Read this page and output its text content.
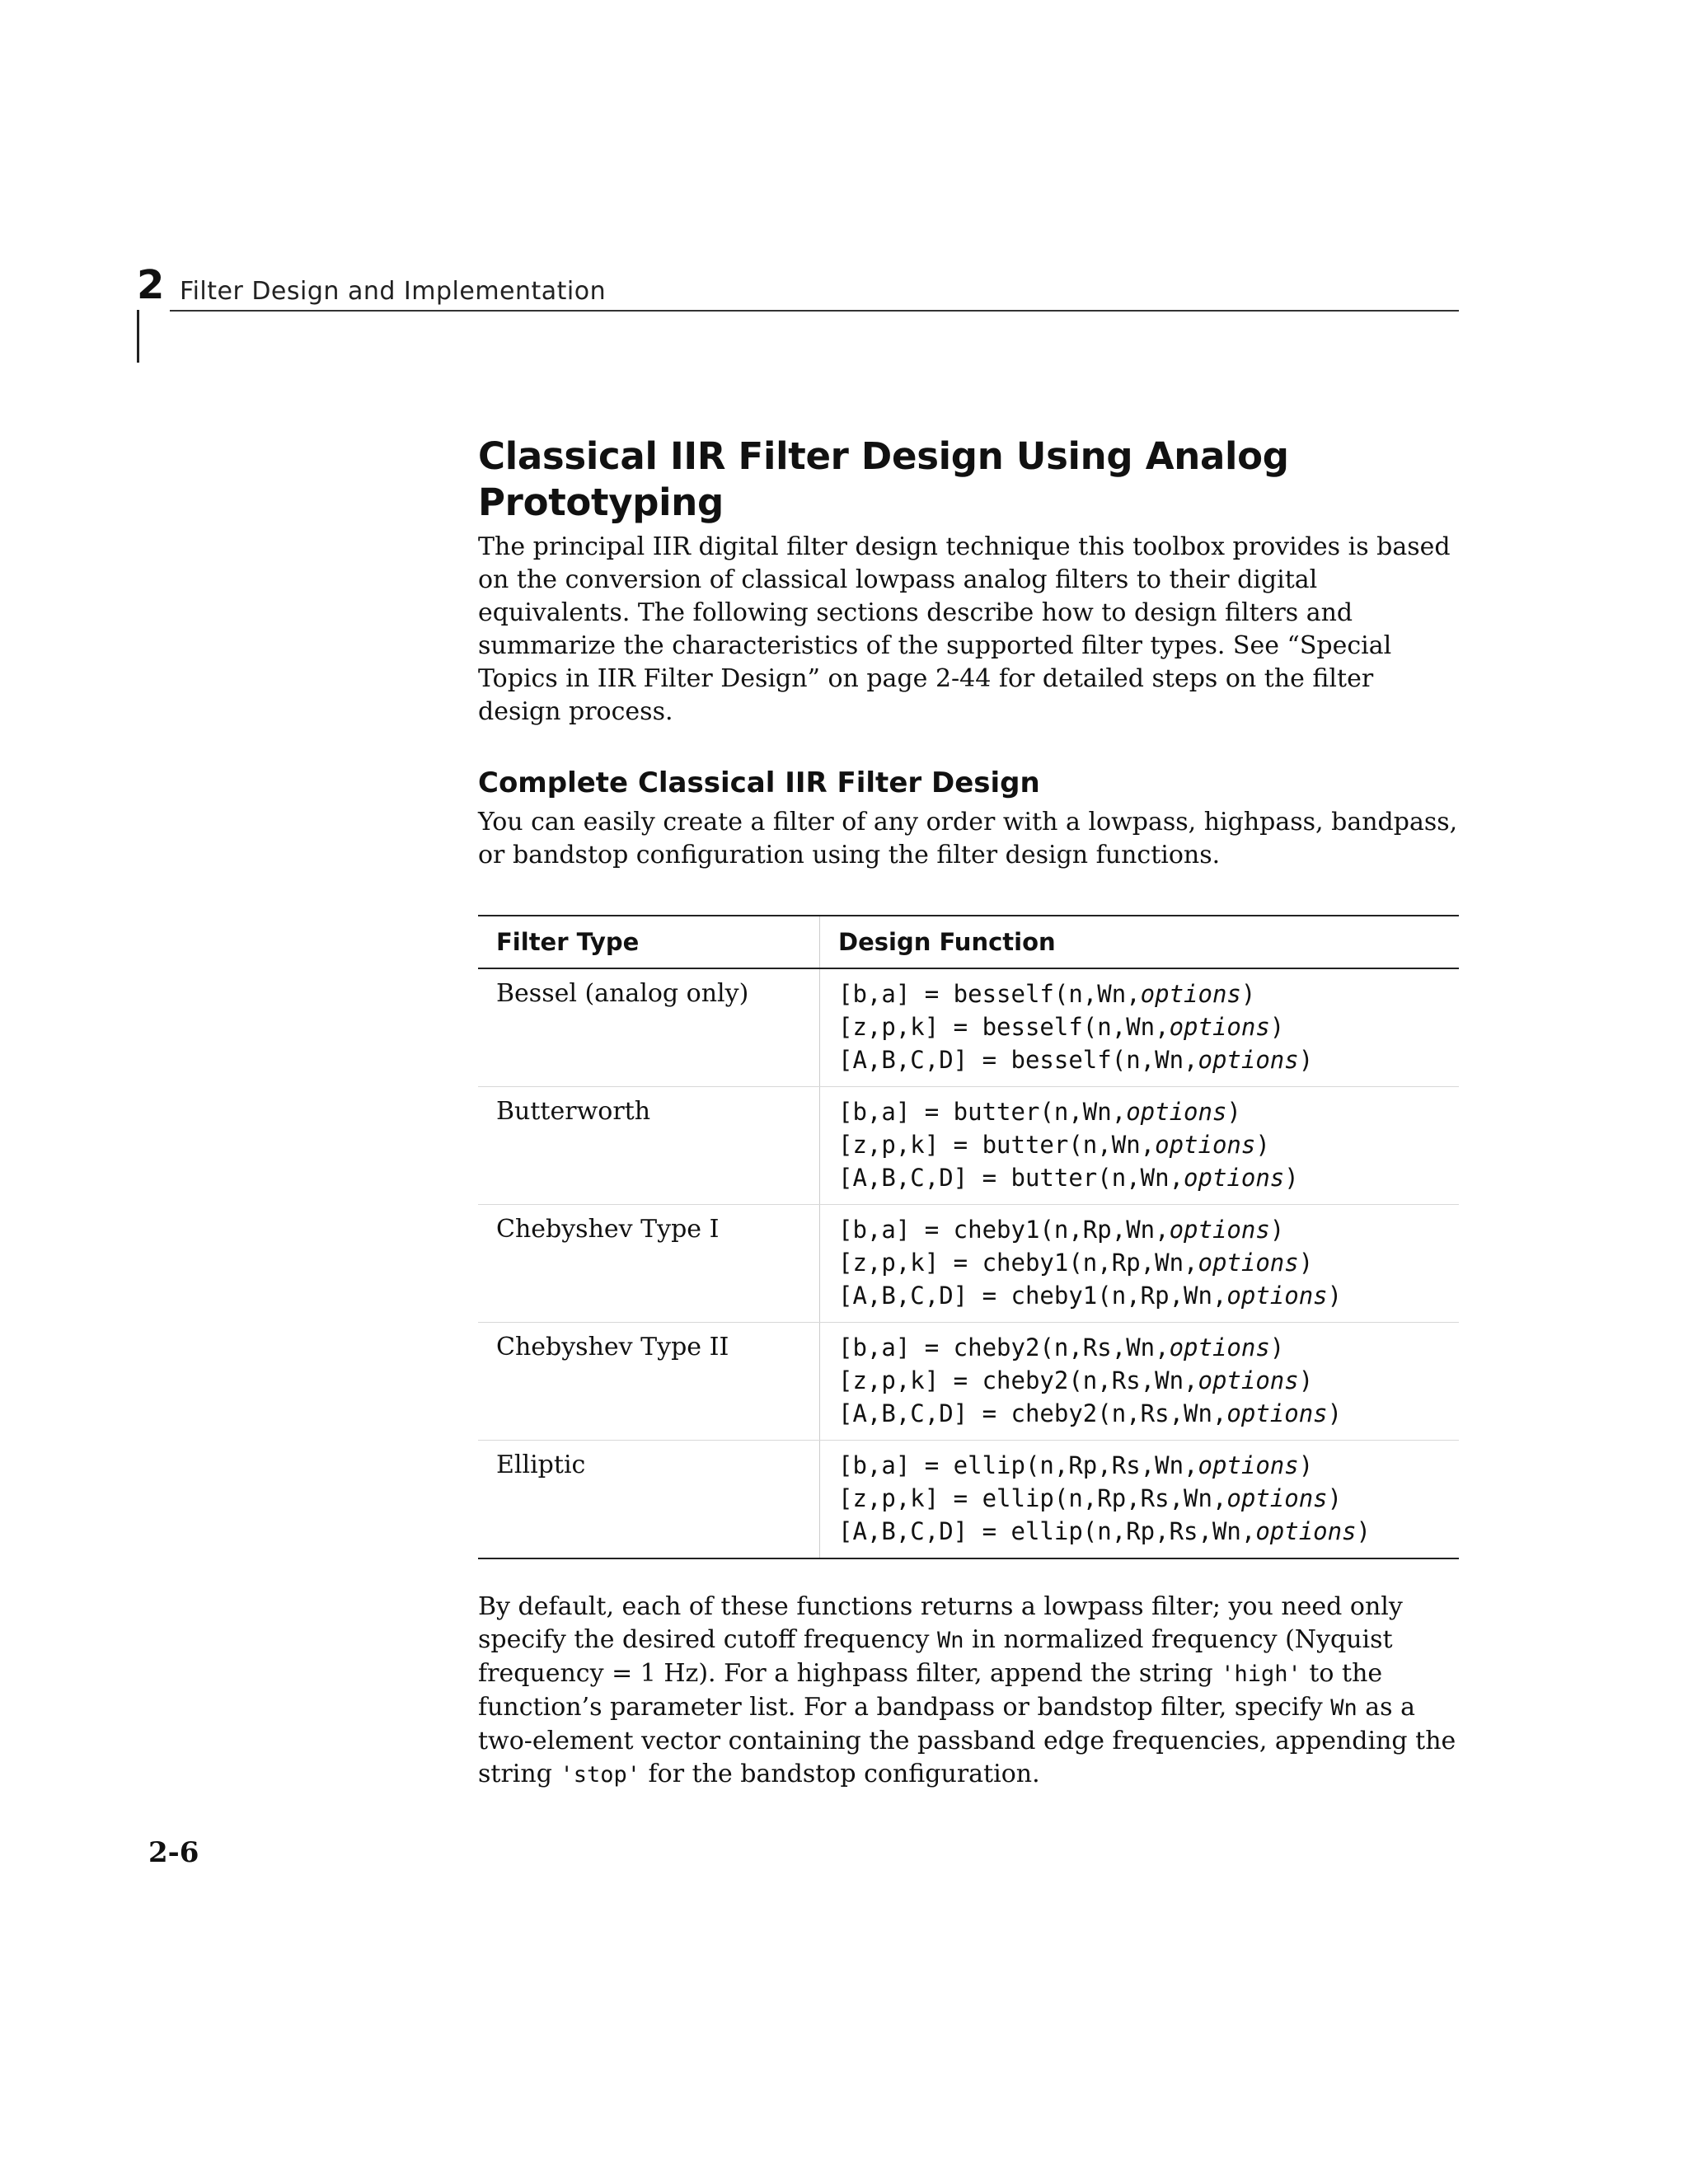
2 Filter Design and Implementation
Classical IIR Filter Design Using Analog Prototyping

The principal IIR digital filter design technique this toolbox provides is based on the conversion of classical lowpass analog filters to their digital equivalents. The following sections describe how to design filters and summarize the characteristics of the supported filter types. See “Special Topics in IIR Filter Design” on page 2-44 for detailed steps on the filter design process.

Complete Classical IIR Filter Design

You can easily create a filter of any order with a lowpass, highpass, bandpass, or bandstop configuration using the filter design functions.

Filter Type	Design Function
Bessel (analog only)	[b,a] = besself(n,Wn,options)
[z,p,k] = besself(n,Wn,options)
[A,B,C,D] = besself(n,Wn,options)

Butterworth	[b,a] = butter(n,Wn,options)
[z,p,k] = butter(n,Wn,options)
[A,B,C,D] = butter(n,Wn,options)

Chebyshev Type I	[b,a] = cheby1(n,Rp,Wn,options)
[z,p,k] = cheby1(n,Rp,Wn,options)
[A,B,C,D] = cheby1(n,Rp,Wn,options)

Chebyshev Type II	[b,a] = cheby2(n,Rs,Wn,options)
[z,p,k] = cheby2(n,Rs,Wn,options)
[A,B,C,D] = cheby2(n,Rs,Wn,options)

Elliptic	[b,a] = ellip(n,Rp,Rs,Wn,options)
[z,p,k] = ellip(n,Rp,Rs,Wn,options)
[A,B,C,D] = ellip(n,Rp,Rs,Wn,options)

By default, each of these functions returns a lowpass filter; you need only specify the desired cutoff frequency Wn in normalized frequency (Nyquist frequency = 1 Hz). For a highpass filter, append the string 'high' to the function’s parameter list. For a bandpass or bandstop filter, specify Wn as a two-element vector containing the passband edge frequencies, appending the string 'stop' for the bandstop configuration.

2-6
